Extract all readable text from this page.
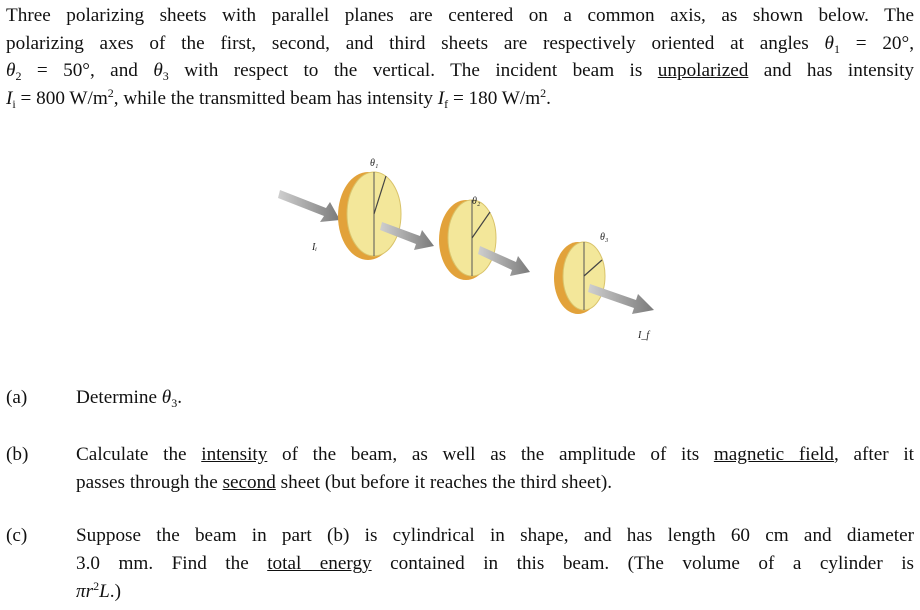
Three polarizing sheets with parallel planes are centered on a common axis, as shown below. The
polarizing axes of the first, second, and third sheets are respectively oriented at angles $\theta_1 = 20^\circ$,
$\theta_2 = 50^\circ$, and $\theta_3$ with respect to the vertical. The incident beam is unpolarized and has intensity
$I_i = 800$ $W/m^2$, while the transmitted beam has intensity $I_f = 180$ $W/m^2$.
θ₁
θ₂
θ₃
Iᵢ
I_f
(a)	Determine $\theta_3$.
(b) Calculate the intensity of the beam, as well as the amplitude of its magnetic field, after it
passes through the second sheet (but before it reaches the third sheet).
(c)	Suppose the beam in part (b) is cylindrical in shape, and has length 60 cm and diameter
3.0 mm. Find the total energy contained in this beam. (The volume of a cylinder is
$\pi r^2L$.)
